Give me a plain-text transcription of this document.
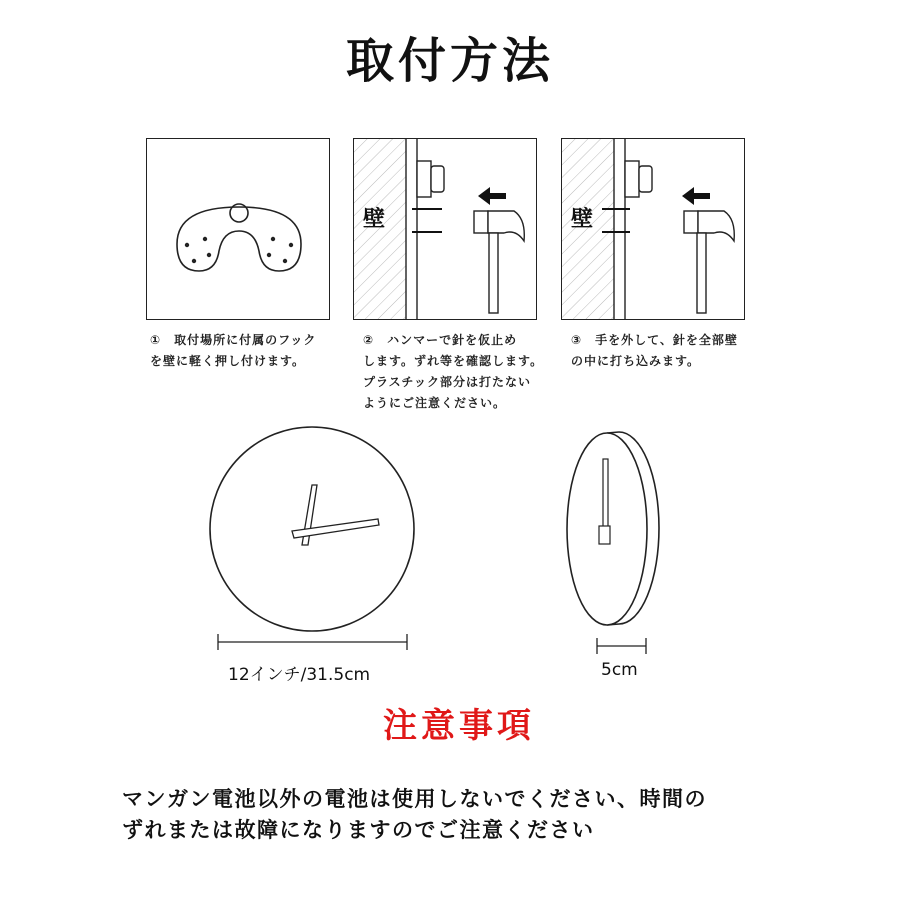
取付方法
壁	壁
①　取付場所に付属のフック
を壁に軽く押し付けます。
②　ハンマーで針を仮止め
します。ずれ等を確認します。
プラスチック部分は打たない
ようにご注意ください。
③　手を外して、針を全部壁
の中に打ち込みます。
12インチ/31.5cm	5cm
注意事項
マンガン電池以外の電池は使用しないでください、時間の
ずれまたは故障になりますのでご注意ください
